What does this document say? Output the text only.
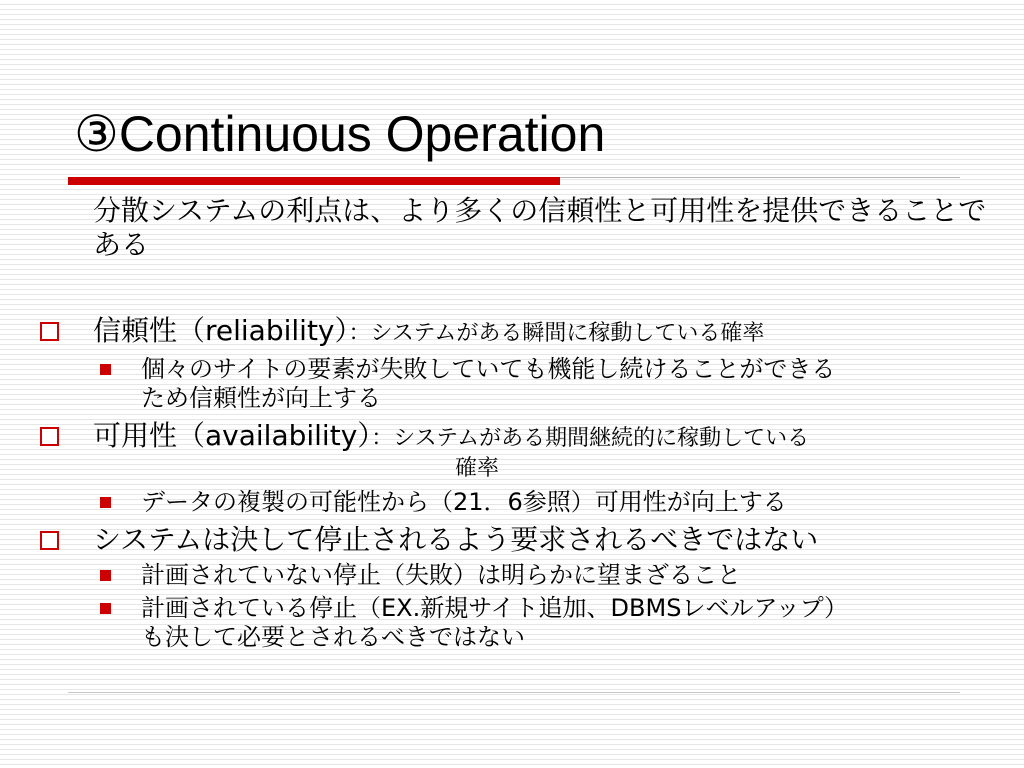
③Continuous Operation

分散システムの利点は、より多くの信頼性と可用性を提供できることである

信頼性（reliability）：システムがある瞬間に稼動している確率
個々のサイトの要素が失敗していても機能し続けることができる
ため信頼性が向上する
可用性（availability）：システムがある期間継続的に稼動している
確率
データの複製の可能性から（21．6参照）可用性が向上する
システムは決して停止されるよう要求されるべきではない
計画されていない停止（失敗）は明らかに望まざること
計画されている停止（EX.新規サイト追加、DBMSレベルアップ）
も決して必要とされるべきではない
